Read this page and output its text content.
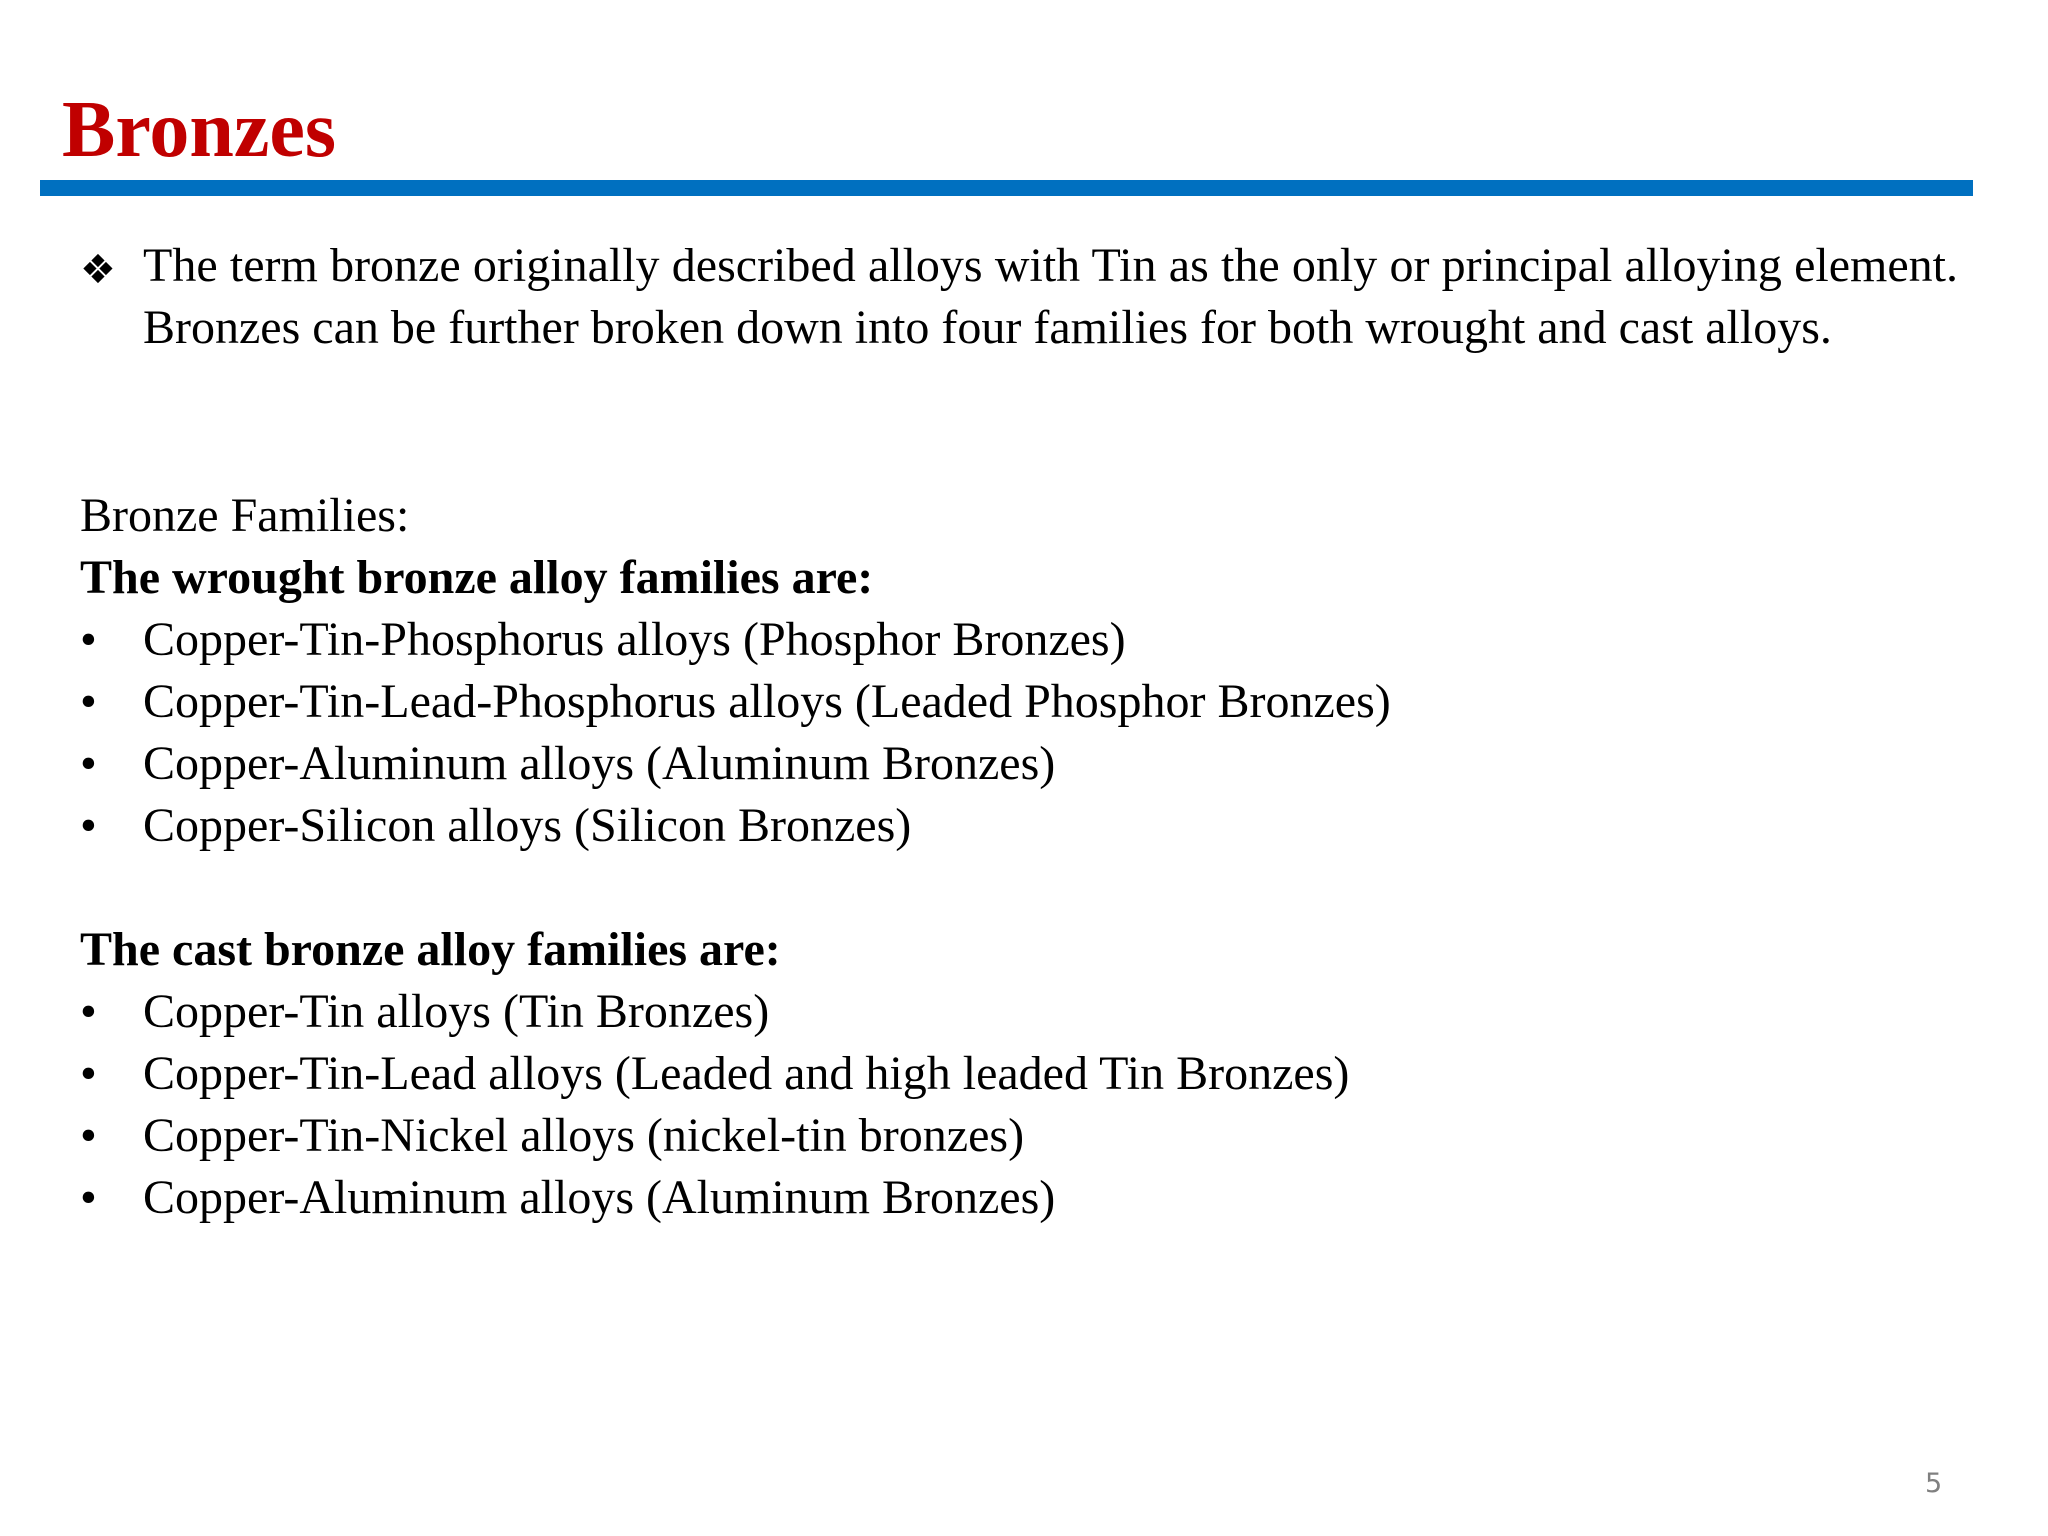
Bronzes
❖ The term bronze originally described alloys with Tin as the only or principal alloying element. Bronzes can be further broken down into four families for both wrought and cast alloys.

Bronze Families:
The wrought bronze alloy families are:
• Copper-Tin-Phosphorus alloys (Phosphor Bronzes)
• Copper-Tin-Lead-Phosphorus alloys (Leaded Phosphor Bronzes)
• Copper-Aluminum alloys (Aluminum Bronzes)
• Copper-Silicon alloys (Silicon Bronzes)
The cast bronze alloy families are:
• Copper-Tin alloys (Tin Bronzes)
• Copper-Tin-Lead alloys (Leaded and high leaded Tin Bronzes)
• Copper-Tin-Nickel alloys (nickel-tin bronzes)
• Copper-Aluminum alloys (Aluminum Bronzes)
5
